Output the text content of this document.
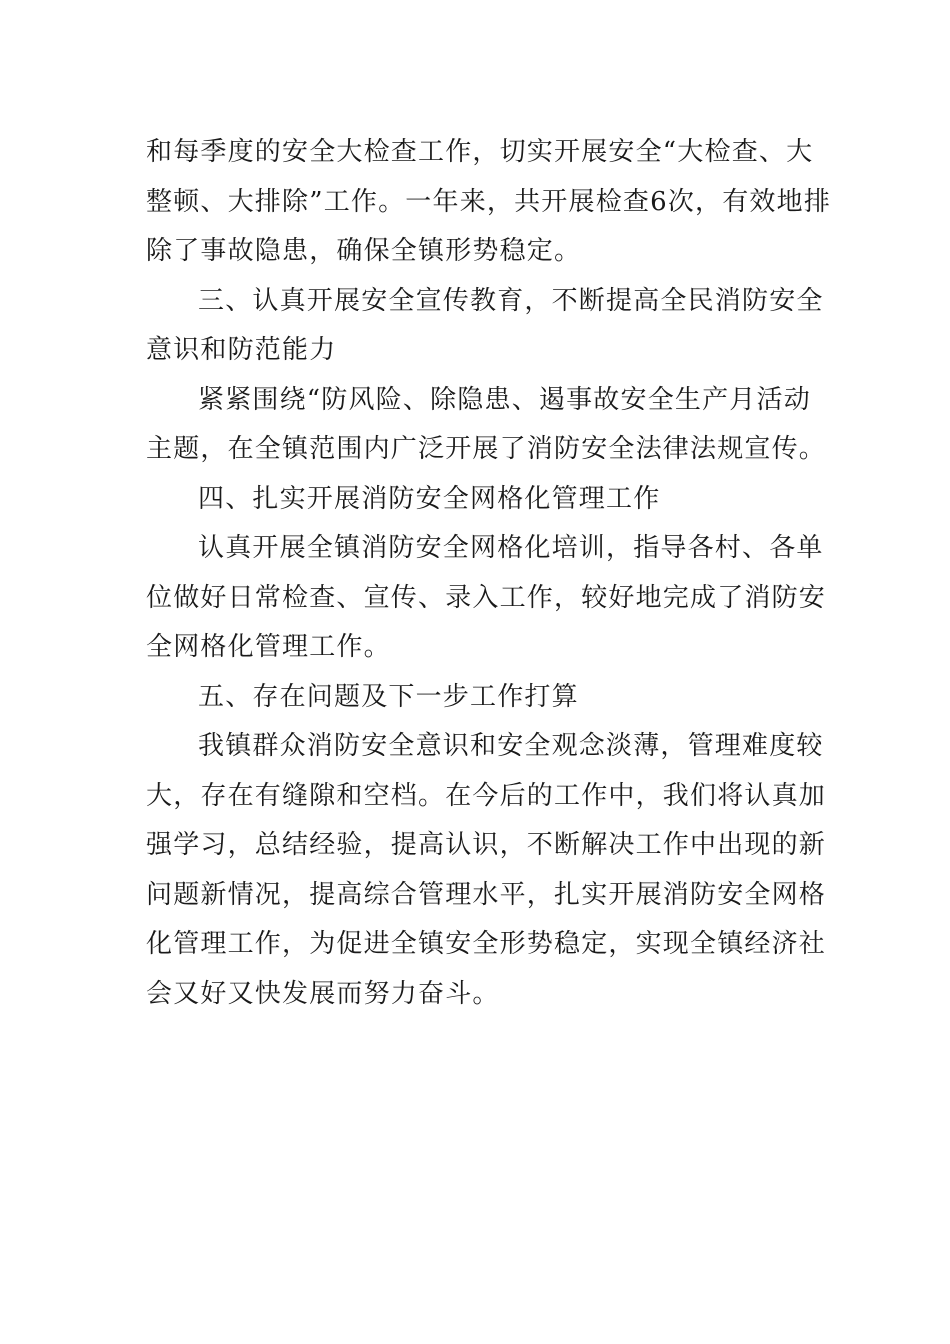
和每季度的安全大检查工作，切实开展安全“大检查、大
整顿、大排除”工作。一年来，共开展检查6次，有效地排
除了事故隐患，确保全镇形势稳定。

三、认真开展安全宣传教育，不断提高全民消防安全
意识和防范能力

紧紧围绕“防风险、除隐患、遏事故安全生产月活动
主题，在全镇范围内广泛开展了消防安全法律法规宣传。

四、扎实开展消防安全网格化管理工作

认真开展全镇消防安全网格化培训，指导各村、各单
位做好日常检查、宣传、录入工作，较好地完成了消防安
全网格化管理工作。

五、存在问题及下一步工作打算

我镇群众消防安全意识和安全观念淡薄，管理难度较
大，存在有缝隙和空档。在今后的工作中，我们将认真加
强学习，总结经验，提高认识，不断解决工作中出现的新
问题新情况，提高综合管理水平，扎实开展消防安全网格
化管理工作，为促进全镇安全形势稳定，实现全镇经济社
会又好又快发展而努力奋斗。
